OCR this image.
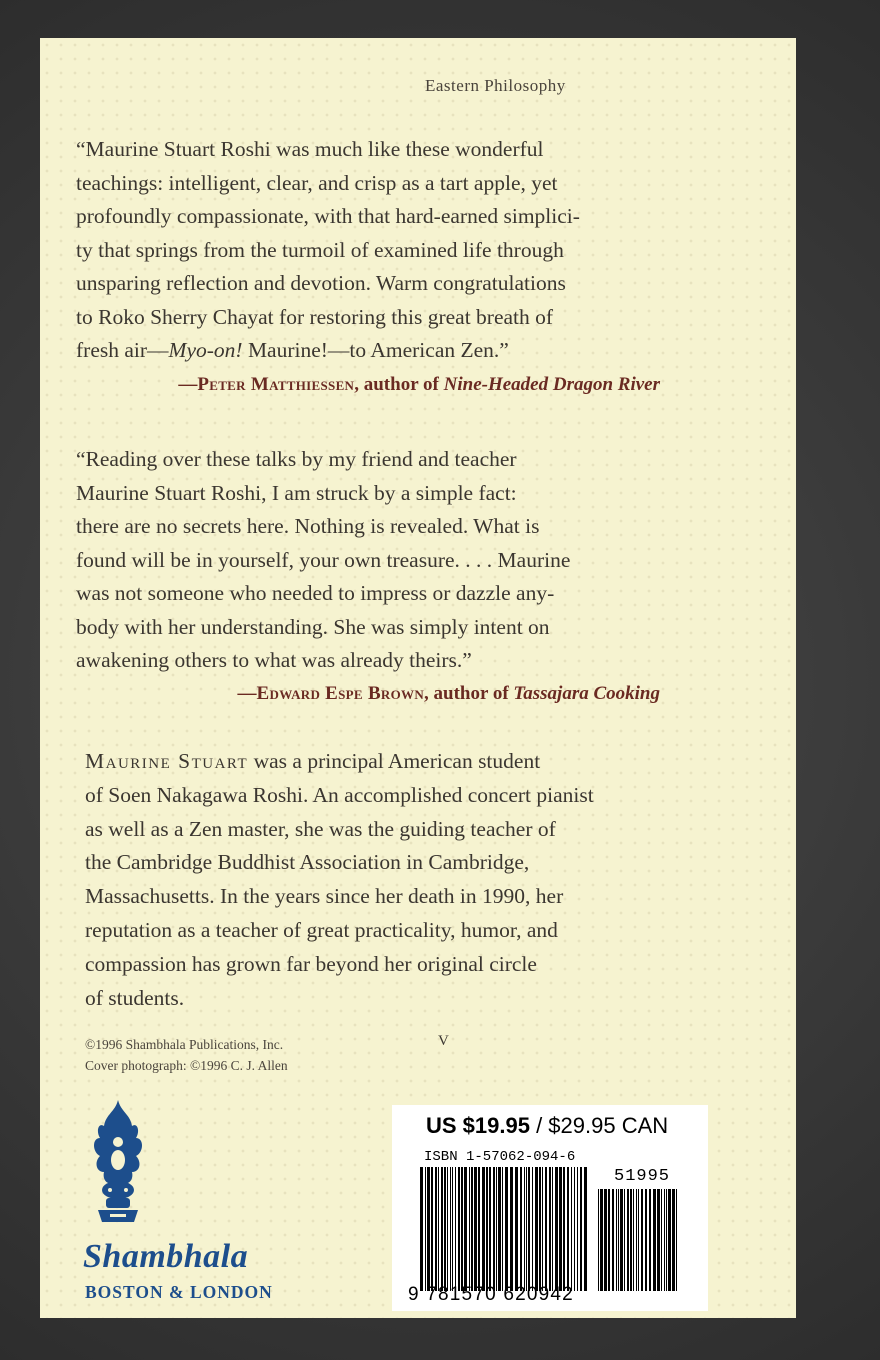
Eastern Philosophy
“Maurine Stuart Roshi was much like these wonderful
teachings: intelligent, clear, and crisp as a tart apple, yet
profoundly compassionate, with that hard-earned simplici-
ty that springs from the turmoil of examined life through
unsparing reflection and devotion. Warm congratulations
to Roko Sherry Chayat for restoring this great breath of
fresh air—Myo-on! Maurine!—to American Zen.”
—Peter Matthiessen, author of Nine-Headed Dragon River
“Reading over these talks by my friend and teacher
Maurine Stuart Roshi, I am struck by a simple fact:
there are no secrets here. Nothing is revealed. What is
found will be in yourself, your own treasure. . . . Maurine
was not someone who needed to impress or dazzle any-
body with her understanding. She was simply intent on
awakening others to what was already theirs.”
—Edward Espe Brown, author of Tassajara Cooking
Maurine Stuart was a principal American student
of Soen Nakagawa Roshi. An accomplished concert pianist
as well as a Zen master, she was the guiding teacher of
the Cambridge Buddhist Association in Cambridge,
Massachusetts. In the years since her death in 1990, her
reputation as a teacher of great practicality, humor, and
compassion has grown far beyond her original circle
of students.
©1996 Shambhala Publications, Inc.
Cover photograph: ©1996 C. J. Allen
V
Shambhala
BOSTON & LONDON
US $19.95 / $29.95 CAN
ISBN 1-57062-094-6
51995
9 781570 620942
